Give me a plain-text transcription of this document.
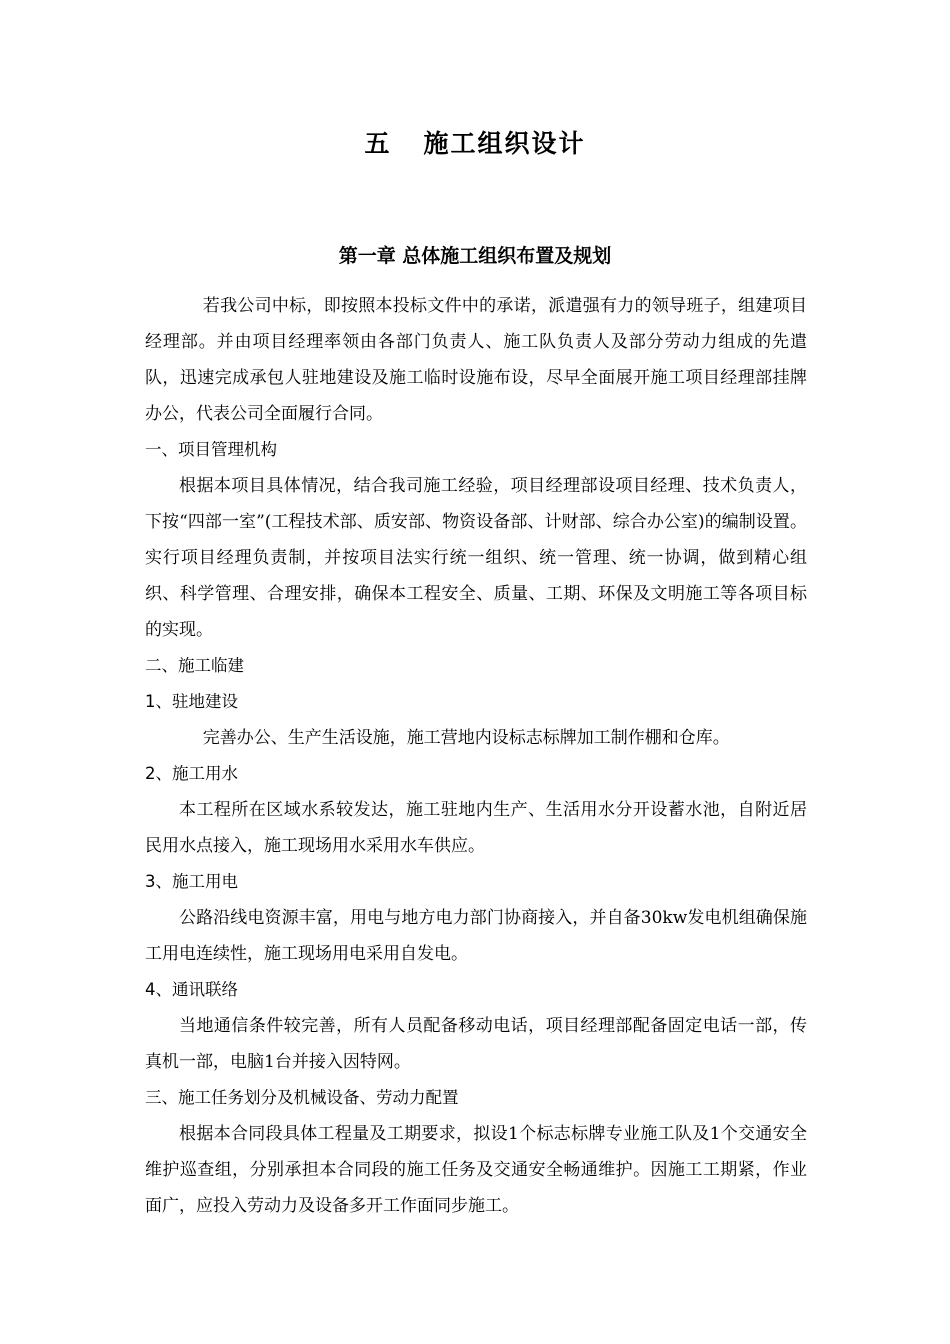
五   施工组织设计
第一章 总体施工组织布置及规划

若我公司中标，即按照本投标文件中的承诺，派遣强有力的领导班子，组建项目经理部。并由项目经理率领由各部门负责人、施工队负责人及部分劳动力组成的先遣队，迅速完成承包人驻地建设及施工临时设施布设，尽早全面展开施工项目经理部挂牌办公，代表公司全面履行合同。

一、项目管理机构

根据本项目具体情况，结合我司施工经验，项目经理部设项目经理、技术负责人，下按“四部一室”(工程技术部、质安部、物资设备部、计财部、综合办公室)的编制设置。实行项目经理负责制，并按项目法实行统一组织、统一管理、统一协调，做到精心组织、科学管理、合理安排，确保本工程安全、质量、工期、环保及文明施工等各项目标的实现。

二、施工临建

1、驻地建设

完善办公、生产生活设施，施工营地内设标志标牌加工制作棚和仓库。

2、施工用水

本工程所在区域水系较发达，施工驻地内生产、生活用水分开设蓄水池，自附近居民用水点接入，施工现场用水采用水车供应。

3、施工用电

公路沿线电资源丰富，用电与地方电力部门协商接入，并自备30kw发电机组确保施工用电连续性，施工现场用电采用自发电。

4、通讯联络

当地通信条件较完善，所有人员配备移动电话，项目经理部配备固定电话一部，传真机一部，电脑1台并接入因特网。

三、施工任务划分及机械设备、劳动力配置

根据本合同段具体工程量及工期要求，拟设1个标志标牌专业施工队及1个交通安全维护巡查组，分别承担本合同段的施工任务及交通安全畅通维护。因施工工期紧，作业面广，应投入劳动力及设备多开工作面同步施工。
